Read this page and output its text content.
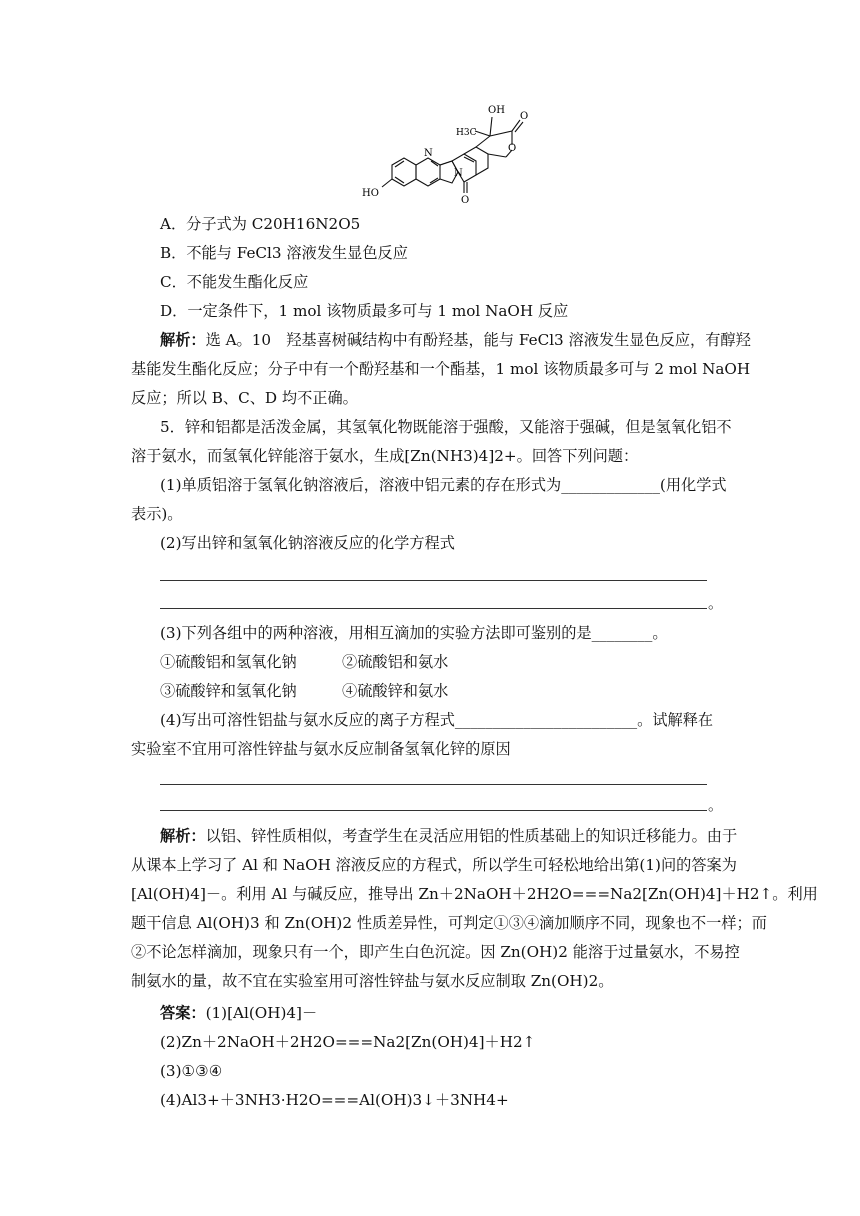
OH
H3C
O
O
N
N
O
HO
A．分子式为 C20H16N2O5
B．不能与 FeCl3 溶液发生显色反应
C．不能发生酯化反应
D．一定条件下，1 mol 该物质最多可与 1 mol NaOH 反应
解析：选 A。10　羟基喜树碱结构中有酚羟基，能与 FeCl3 溶液发生显色反应，有醇羟
基能发生酯化反应；分子中有一个酚羟基和一个酯基，1 mol 该物质最多可与 2 mol NaOH
反应；所以 B、C、D 均不正确。
5．锌和铝都是活泼金属，其氢氧化物既能溶于强酸，又能溶于强碱，但是氢氧化铝不
溶于氨水，而氢氧化锌能溶于氨水，生成[Zn(NH3)4]2+。回答下列问题：
(1)单质铝溶于氢氧化钠溶液后，溶液中铝元素的存在形式为_____________(用化学式
表示)。
(2)写出锌和氢氧化钠溶液反应的化学方程式
。
(3)下列各组中的两种溶液，用相互滴加的实验方法即可鉴别的是________。
①硫酸铝和氢氧化钠	②硫酸铝和氨水
③硫酸锌和氢氧化钠	④硫酸锌和氨水
(4)写出可溶性铝盐与氨水反应的离子方程式________________________。试解释在
实验室不宜用可溶性锌盐与氨水反应制备氢氧化锌的原因
。
解析：以铝、锌性质相似，考查学生在灵活应用铝的性质基础上的知识迁移能力。由于
从课本上学习了 Al 和 NaOH 溶液反应的方程式，所以学生可轻松地给出第(1)问的答案为
[Al(OH)4]－。利用 Al 与碱反应，推导出 Zn＋2NaOH＋2H2O===Na2[Zn(OH)4]＋H2↑。利用
题干信息 Al(OH)3 和 Zn(OH)2 性质差异性，可判定①③④滴加顺序不同，现象也不一样；而
②不论怎样滴加，现象只有一个，即产生白色沉淀。因 Zn(OH)2 能溶于过量氨水，不易控
制氨水的量，故不宜在实验室用可溶性锌盐与氨水反应制取 Zn(OH)2。
答案：(1)[Al(OH)4]－
(2)Zn＋2NaOH＋2H2O===Na2[Zn(OH)4]＋H2↑
(3)①③④
(4)Al3+＋3NH3·H2O===Al(OH)3↓＋3NH4+
